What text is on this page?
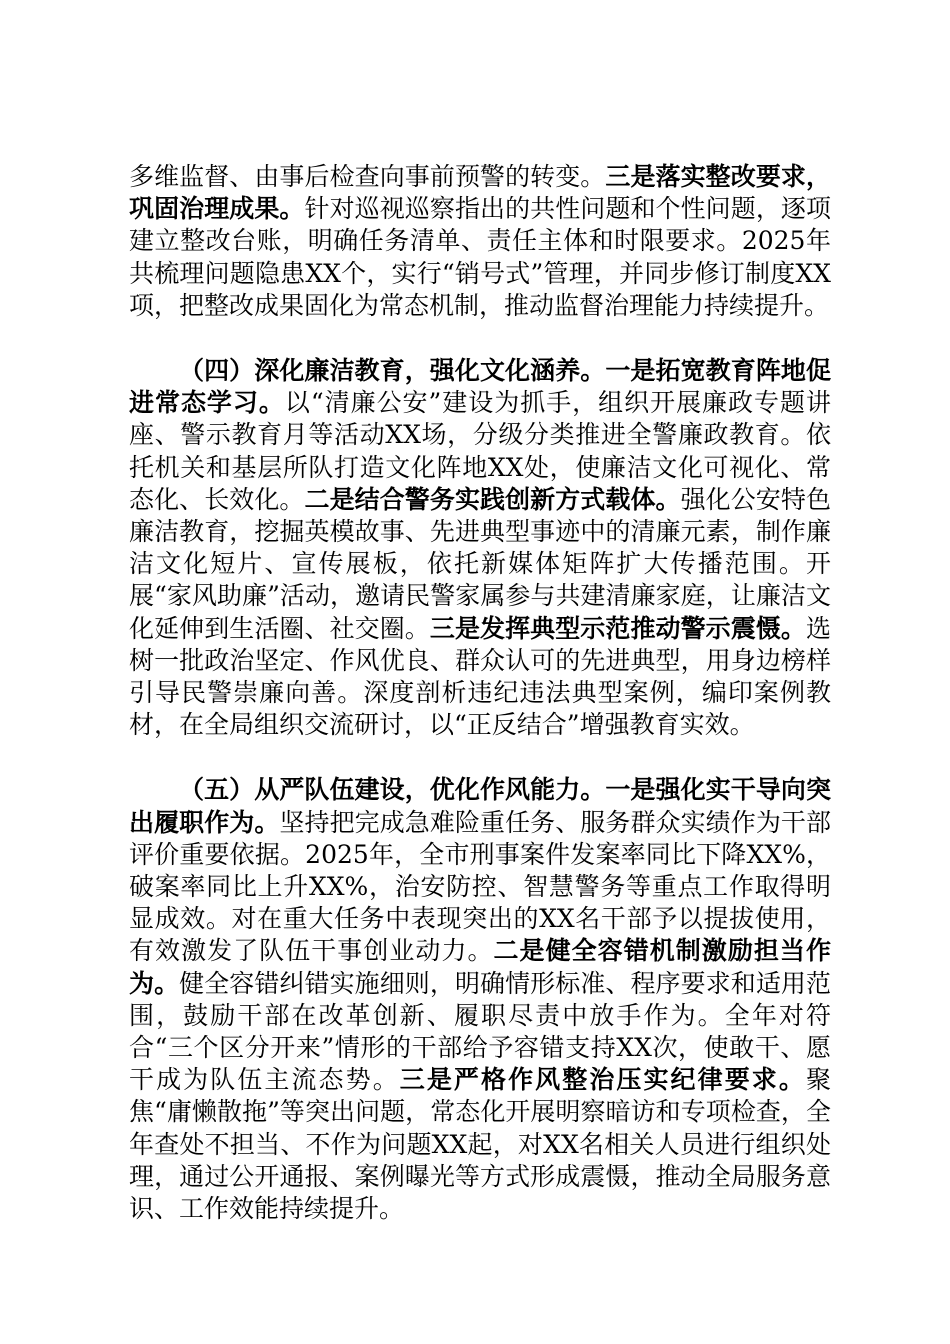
多维监督、由事后检查向事前预警的转变。三是落实整改要求，巩固治理成果。针对巡视巡察指出的共性问题和个性问题，逐项建立整改台账，明确任务清单、责任主体和时限要求。2025年共梳理问题隐患XX个，实行“销号式”管理，并同步修订制度XX项，把整改成果固化为常态机制，推动监督治理能力持续提升。

（四）深化廉洁教育，强化文化涵养。一是拓宽教育阵地促进常态学习。以“清廉公安”建设为抓手，组织开展廉政专题讲座、警示教育月等活动XX场，分级分类推进全警廉政教育。依托机关和基层所队打造文化阵地XX处，使廉洁文化可视化、常态化、长效化。二是结合警务实践创新方式载体。强化公安特色廉洁教育，挖掘英模故事、先进典型事迹中的清廉元素，制作廉洁文化短片、宣传展板，依托新媒体矩阵扩大传播范围。开展“家风助廉”活动，邀请民警家属参与共建清廉家庭，让廉洁文化延伸到生活圈、社交圈。三是发挥典型示范推动警示震慑。选树一批政治坚定、作风优良、群众认可的先进典型，用身边榜样引导民警崇廉向善。深度剖析违纪违法典型案例，编印案例教材，在全局组织交流研讨，以“正反结合”增强教育实效。

（五）从严队伍建设，优化作风能力。一是强化实干导向突出履职作为。坚持把完成急难险重任务、服务群众实绩作为干部评价重要依据。2025年，全市刑事案件发案率同比下降XX%，破案率同比上升XX%，治安防控、智慧警务等重点工作取得明显成效。对在重大任务中表现突出的XX名干部予以提拔使用，有效激发了队伍干事创业动力。二是健全容错机制激励担当作为。健全容错纠错实施细则，明确情形标准、程序要求和适用范围，鼓励干部在改革创新、履职尽责中放手作为。全年对符合“三个区分开来”情形的干部给予容错支持XX次，使敢干、愿干成为队伍主流态势。三是严格作风整治压实纪律要求。聚焦“庸懒散拖”等突出问题，常态化开展明察暗访和专项检查，全年查处不担当、不作为问题XX起，对XX名相关人员进行组织处理，通过公开通报、案例曝光等方式形成震慑，推动全局服务意识、工作效能持续提升。
